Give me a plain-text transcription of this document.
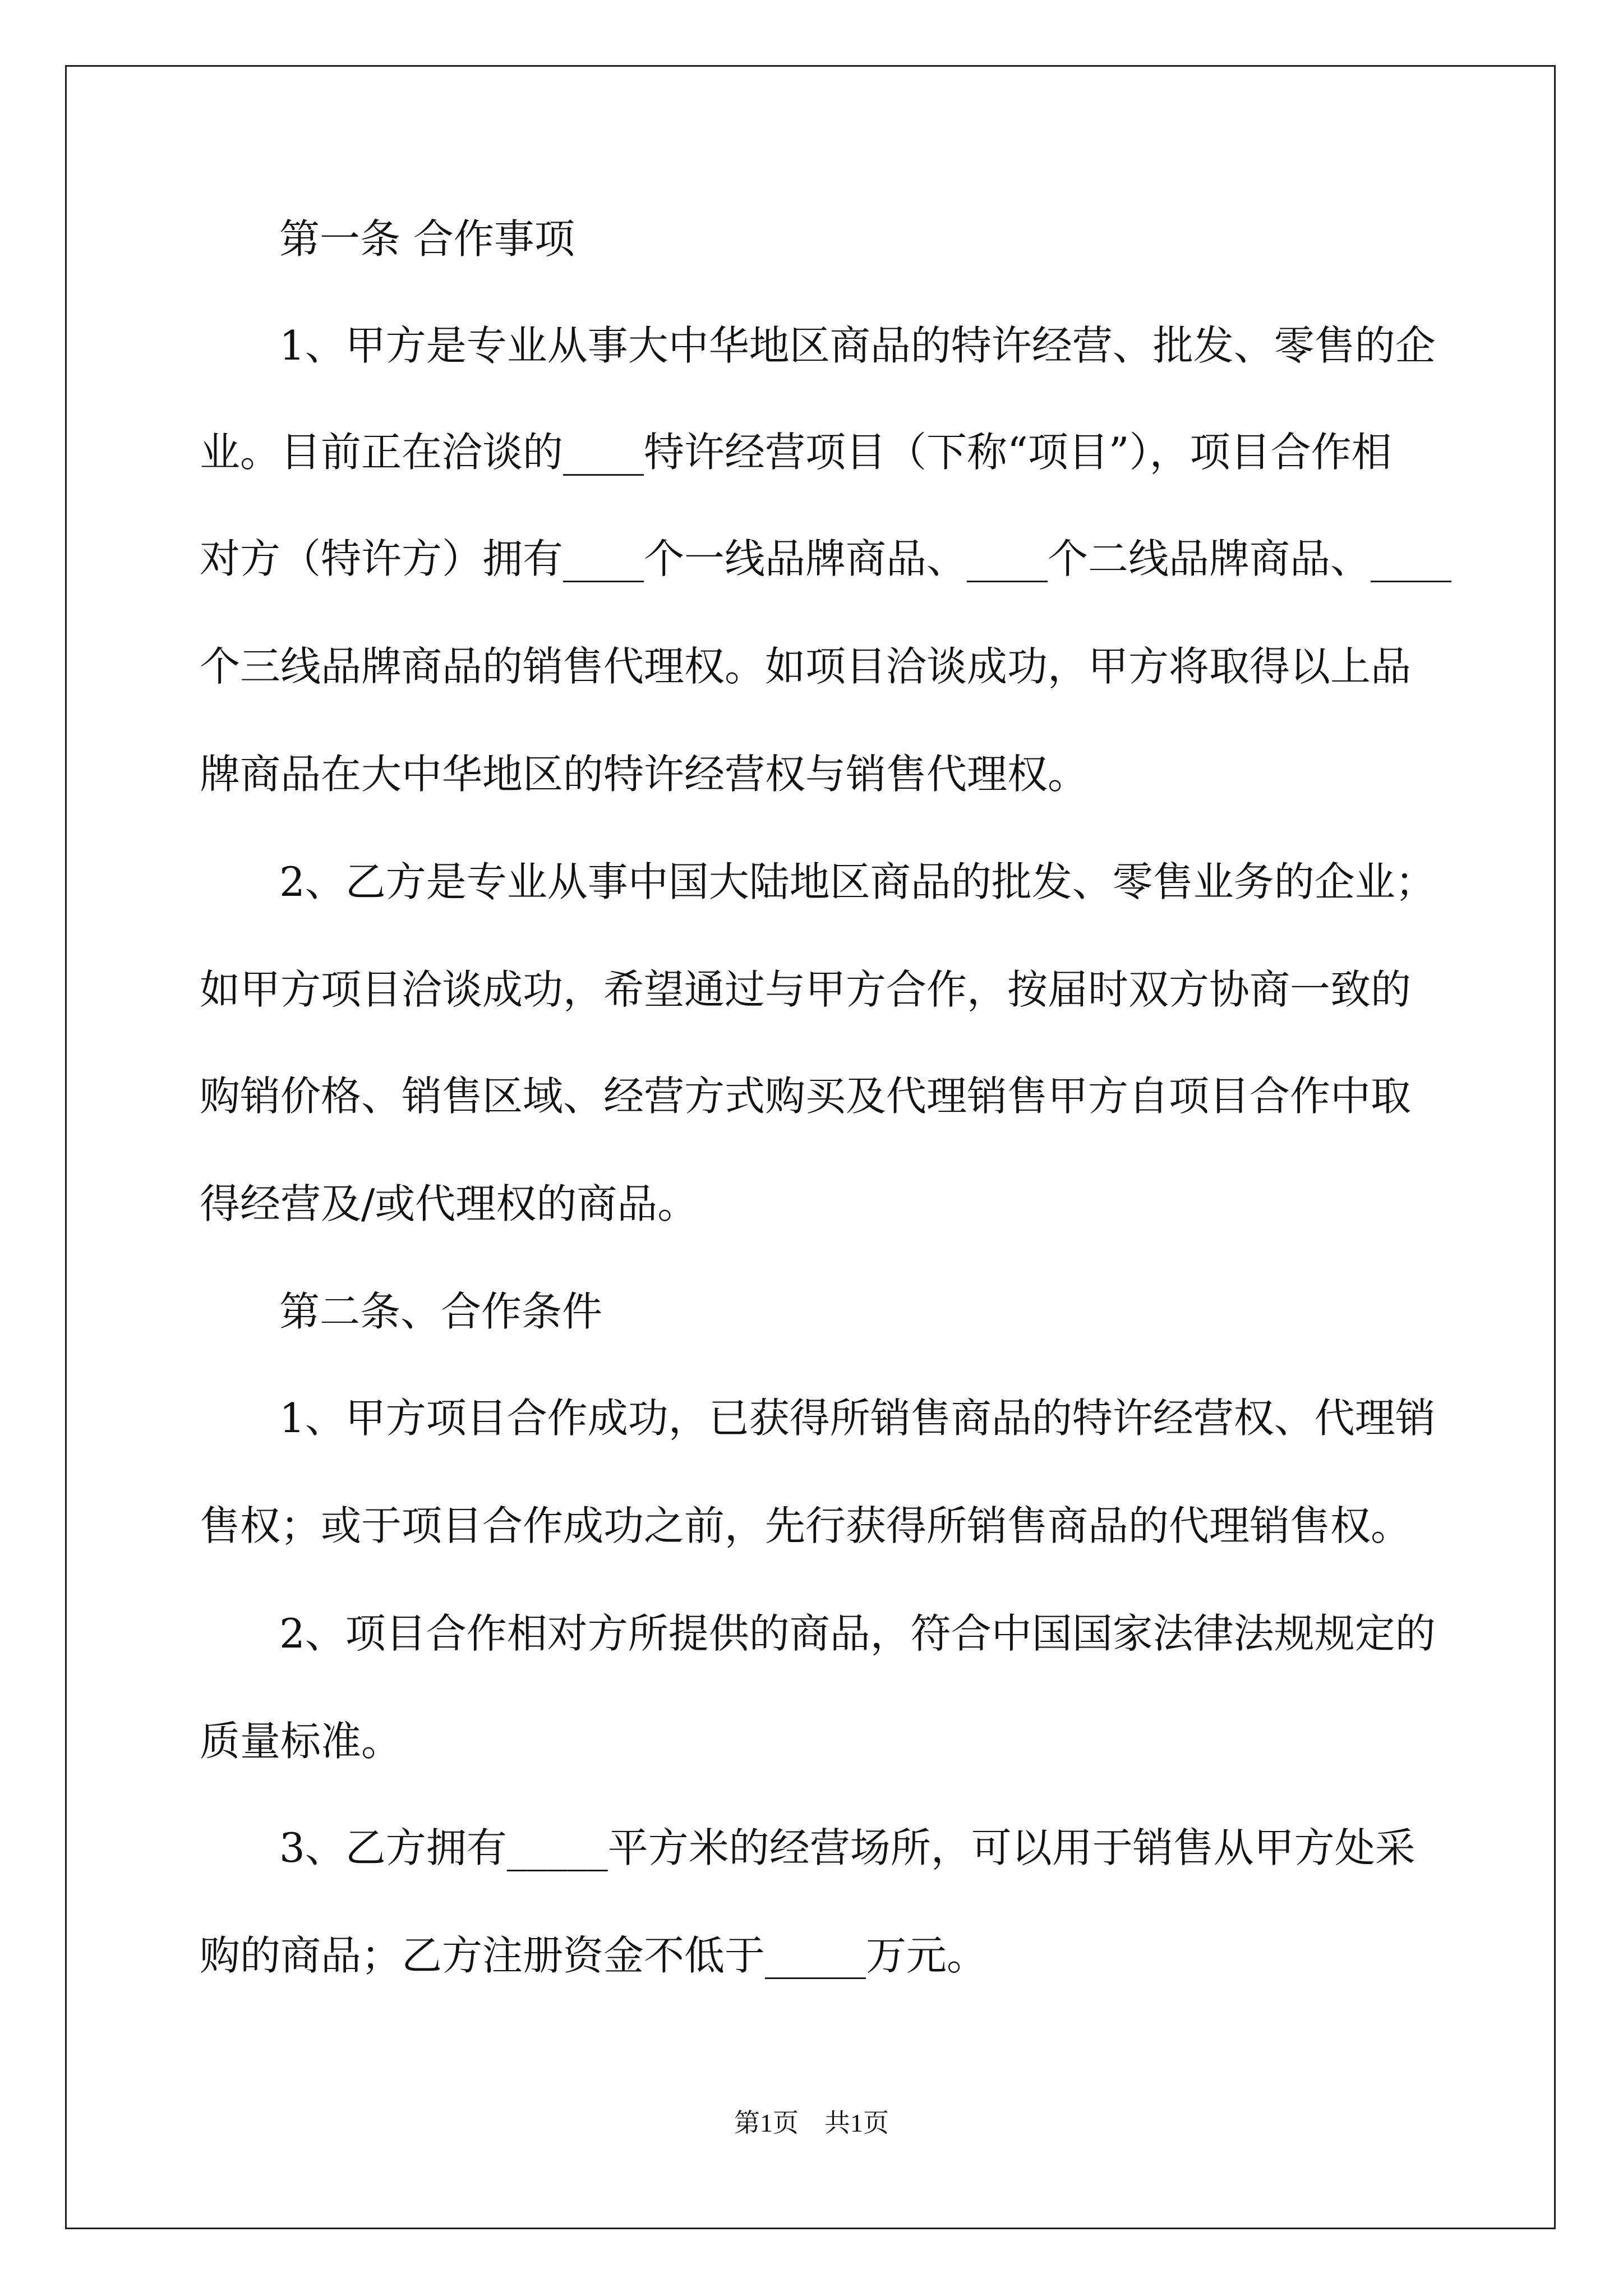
第一条 合作事项
1、甲方是专业从事大中华地区商品的特许经营、批发、零售的企
业。目前正在洽谈的____特许经营项目（下称“项目”），项目合作相
对方（特许方）拥有____个一线品牌商品、____个二线品牌商品、____
个三线品牌商品的销售代理权。如项目洽谈成功，甲方将取得以上品
牌商品在大中华地区的特许经营权与销售代理权。
2、乙方是专业从事中国大陆地区商品的批发、零售业务的企业；
如甲方项目洽谈成功，希望通过与甲方合作，按届时双方协商一致的
购销价格、销售区域、经营方式购买及代理销售甲方自项目合作中取
得经营及/或代理权的商品。
第二条、合作条件
1、甲方项目合作成功，已获得所销售商品的特许经营权、代理销
售权；或于项目合作成功之前，先行获得所销售商品的代理销售权。
2、项目合作相对方所提供的商品，符合中国国家法律法规规定的
质量标准。
3、乙方拥有_____平方米的经营场所，可以用于销售从甲方处采
购的商品；乙方注册资金不低于_____万元。
第1页　共1页
